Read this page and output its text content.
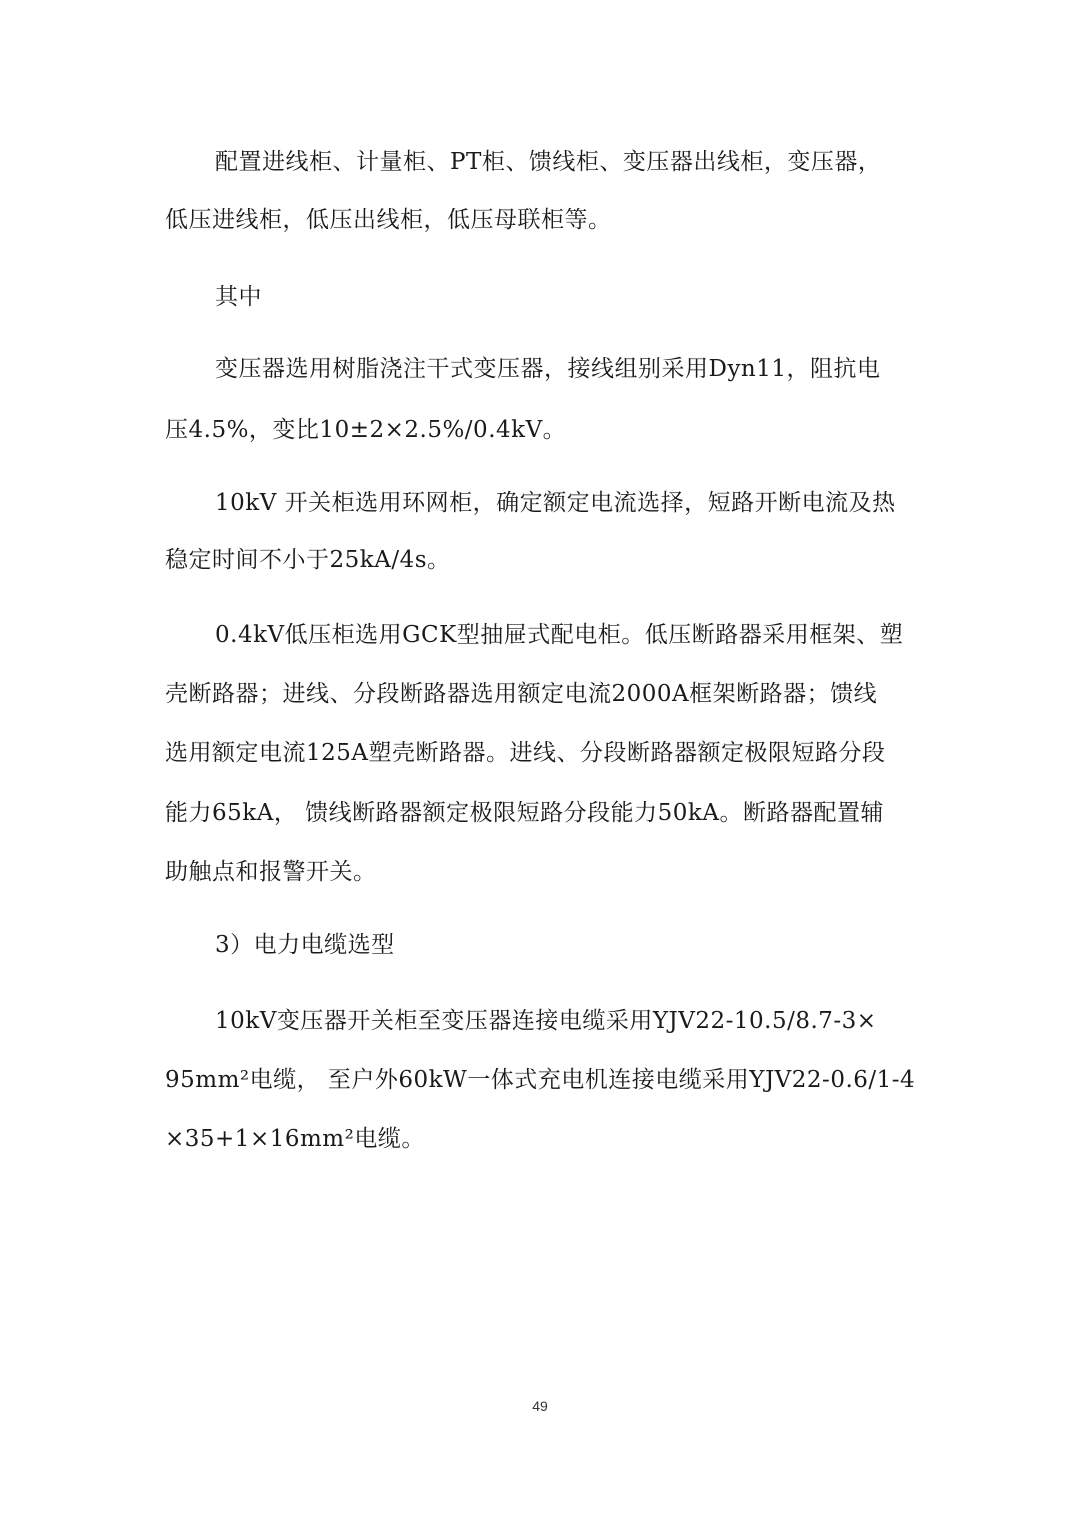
配置进线柜、计量柜、PT柜、馈线柜、变压器出线柜，变压器，
低压进线柜，低压出线柜，低压母联柜等。
其中
变压器选用树脂浇注干式变压器，接线组别采用Dyn11，阻抗电
压4.5%，变比10±2×2.5%/0.4kV。
10kV 开关柜选用环网柜，确定额定电流选择，短路开断电流及热
稳定时间不小于25kA/4s。
0.4kV低压柜选用GCK型抽屉式配电柜。低压断路器采用框架、塑
壳断路器；进线、分段断路器选用额定电流2000A框架断路器；馈线
选用额定电流125A塑壳断路器。进线、分段断路器额定极限短路分段
能力65kA， 馈线断路器额定极限短路分段能力50kA。断路器配置辅
助触点和报警开关。
3）电力电缆选型
10kV变压器开关柜至变压器连接电缆采用YJV22-10.5/8.7-3×
95mm²电缆， 至户外60kW一体式充电机连接电缆采用YJV22-0.6/1-4
×35+1×16mm²电缆。
49
